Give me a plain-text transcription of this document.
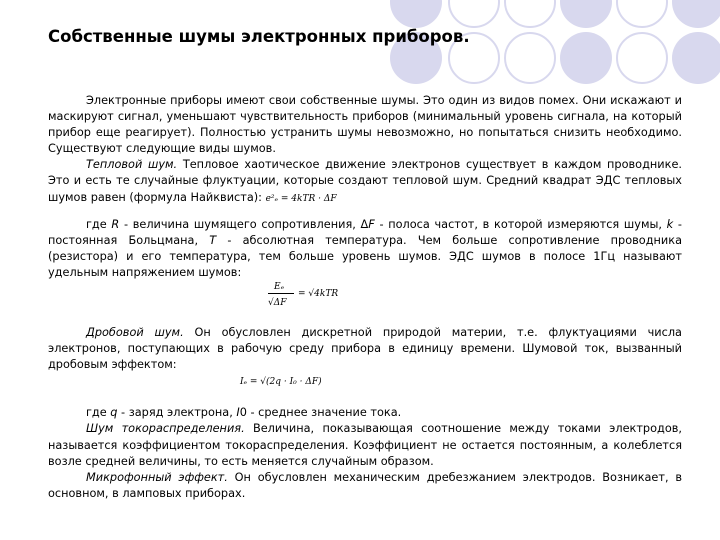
Собственные шумы электронных приборов.

Электронные приборы имеют свои собственные шумы. Это один из видов помех. Они искажают и маскируют сигнал, уменьшают чувствительность приборов (минимальный уровень сигнала, на который прибор еще реагирует). Полностью устранить шумы невозможно, но попытаться снизить необходимо. Существуют следующие виды шумов.

Тепловой шум. Тепловое хаотическое движение электронов существует в каждом проводнике. Это и есть те случайные флуктуации, которые создают тепловой шум. Средний квадрат ЭДС тепловых шумов равен (формула Найквиста): e²ₑ = 4kTR · ΔF

где R - величина шумящего сопротивления, ΔF - полоса частот, в которой измеряются шумы, k - постоянная Больцмана, T - абсолютная температура. Чем больше сопротивление проводника (резистора) и его температура, тем больше уровень шумов. ЭДС шумов в полосе 1Гц называют удельным напряжением шумов:

Eₑ
√ΔF
= √4kTR

Дробовой шум. Он обусловлен дискретной природой материи, т.е. флуктуациями числа электронов, поступающих в рабочую среду прибора в единицу времени. Шумовой ток, вызванный дробовым эффектом:

Iₑ = √(2q · I₀ · ΔF)

где q - заряд электрона, I0 - среднее значение тока.

Шум токораспределения. Величина, показывающая соотношение между токами электродов, называется коэффициентом токораспределения. Коэффициент не остается постоянным, а колеблется возле средней величины, то есть меняется случайным образом.

Микрофонный эффект. Он обусловлен механическим дребезжанием электродов. Возникает, в основном, в ламповых приборах.
